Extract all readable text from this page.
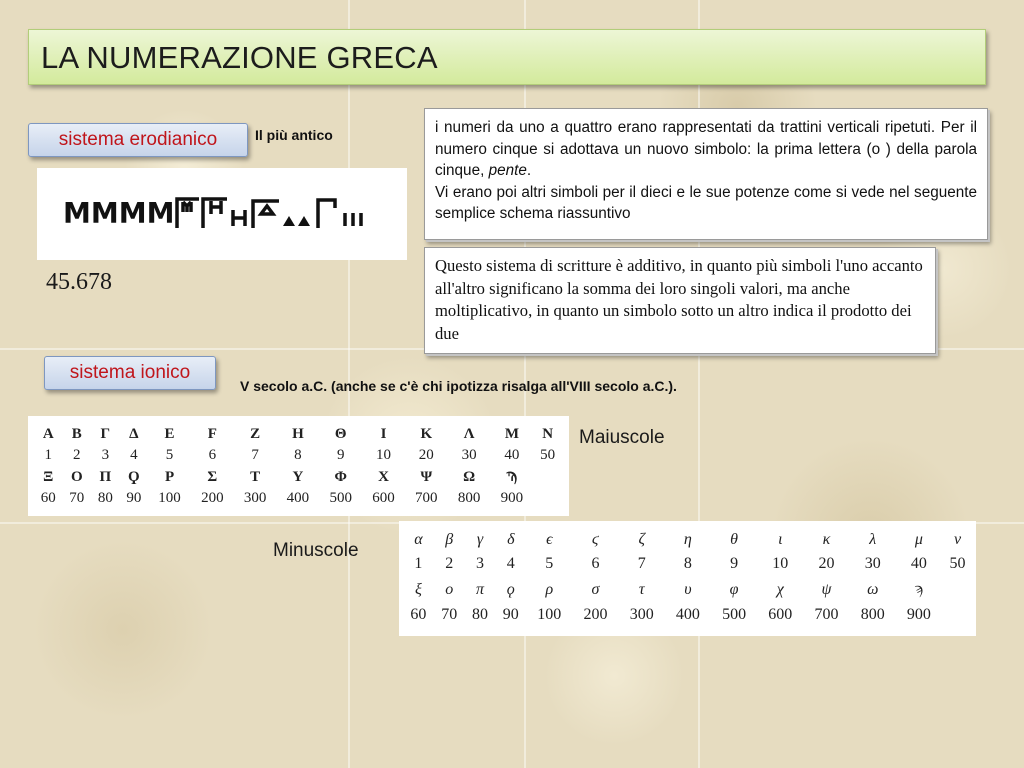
LA NUMERAZIONE GRECA
sistema erodianico	Il più antico
ΜΜΜΜ
45.678

i numeri da uno a quattro erano rappresentati da trattini verticali ripetuti. Per il numero cinque si adottava un nuovo simbolo: la prima lettera (o ) della parola cinque, pente.

Vi erano poi altri simboli per il dieci e le sue potenze come si vede nel seguente semplice schema riassuntivo

Questo sistema di scritture è additivo, in quanto più simboli l'uno accanto all'altro significano la somma dei loro singoli valori, ma anche moltiplicativo, in quanto un simbolo sotto un altro indica il prodotto dei due
sistema ionico
V secolo a.C. (anche se c'è chi ipotizza risalga all'VIII secolo a.C.).
Α	Β	Γ	Δ	Ε	F	Ζ	Η	Θ	Ι	Κ	Λ	Μ	Ν
1	2	3	4	5	6	7	8	9	10	20	30	40	50
Ξ	Ο	Π	Ϙ	Ρ	Σ	Τ	Υ	Φ	Χ	Ψ	Ω	Ϡ	
60	70	80	90	100	200	300	400	500	600	700	800	900	
Maiuscole
Minuscole
α	β	γ	δ	ϵ	ϛ	ζ	η	θ	ι	κ	λ	μ	ν
1	2	3	4	5	6	7	8	9	10	20	30	40	50
ξ	ο	π	ϙ	ρ	σ	τ	υ	φ	χ	ψ	ω	ϡ	
60	70	80	90	100	200	300	400	500	600	700	800	900	
